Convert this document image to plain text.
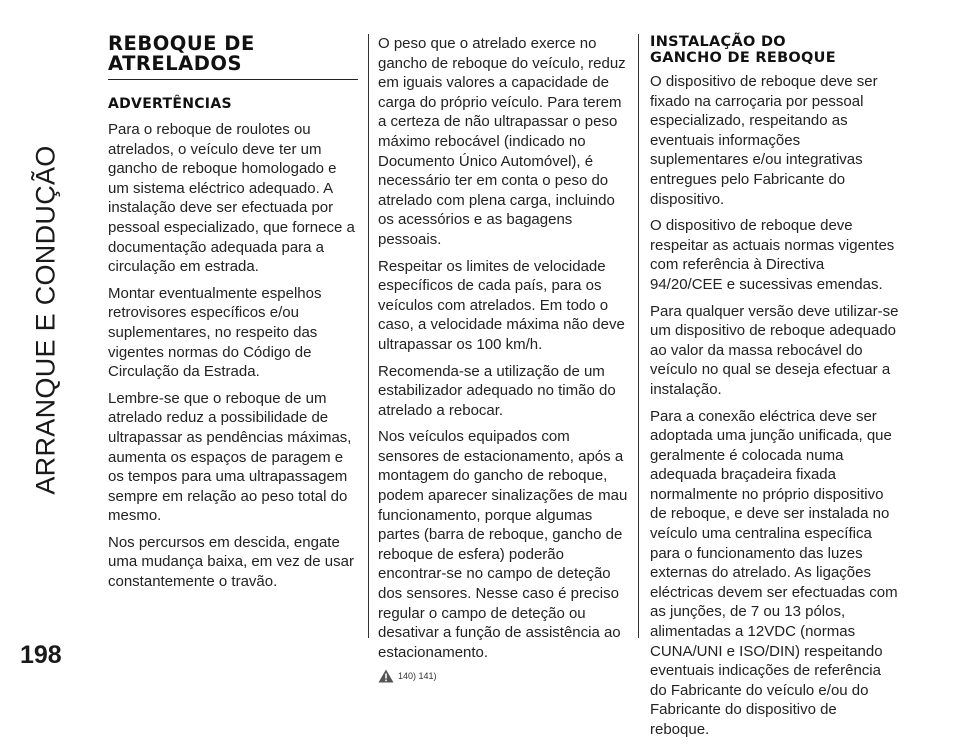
ARRANQUE E CONDUÇÃO
198
REBOQUE DE
ATRELADOS
ADVERTÊNCIAS

Para o reboque de roulotes ou atrelados, o veículo deve ter um gancho de reboque homologado e um sistema eléctrico adequado. A instalação deve ser efectuada por pessoal especializado, que fornece a documentação adequada para a circulação em estrada.

Montar eventualmente espelhos retrovisores específicos e/ou suplementares, no respeito das vigentes normas do Código de Circulação da Estrada.

Lembre-se que o reboque de um atrelado reduz a possibilidade de ultrapassar as pendências máximas, aumenta os espaços de paragem e os tempos para uma ultrapassagem sempre em relação ao peso total do mesmo.

Nos percursos em descida, engate uma mudança baixa, em vez de usar constantemente o travão.

O peso que o atrelado exerce no gancho de reboque do veículo, reduz em iguais valores a capacidade de carga do próprio veículo. Para terem a certeza de não ultrapassar o peso máximo rebocável (indicado no Documento Único Automóvel), é necessário ter em conta o peso do atrelado com plena carga, incluindo os acessórios e as bagagens pessoais.

Respeitar os limites de velocidade específicos de cada país, para os veículos com atrelados. Em todo o caso, a velocidade máxima não deve ultrapassar os 100 km/h.

Recomenda-se a utilização de um estabilizador adequado no timão do atrelado a rebocar.

Nos veículos equipados com sensores de estacionamento, após a montagem do gancho de reboque, podem aparecer sinalizações de mau funcionamento, porque algumas partes (barra de reboque, gancho de reboque de esfera) poderão encontrar-se no campo de deteção dos sensores. Nesse caso é preciso regular o campo de deteção ou desativar a função de assistência ao estacionamento.

140) 141)
INSTALAÇÃO DO
GANCHO DE REBOQUE

O dispositivo de reboque deve ser fixado na carroçaria por pessoal especializado, respeitando as eventuais informações suplementares e/ou integrativas entregues pelo Fabricante do dispositivo.

O dispositivo de reboque deve respeitar as actuais normas vigentes com referência à Directiva 94/20/CEE e sucessivas emendas.

Para qualquer versão deve utilizar-se um dispositivo de reboque adequado ao valor da massa rebocável do veículo no qual se deseja efectuar a instalação.

Para a conexão eléctrica deve ser adoptada uma junção unificada, que geralmente é colocada numa adequada braçadeira fixada normalmente no próprio dispositivo de reboque, e deve ser instalada no veículo uma centralina específica para o funcionamento das luzes externas do atrelado. As ligações eléctricas devem ser efectuadas com as junções, de 7 ou 13 pólos, alimentadas a 12VDC (normas CUNA/UNI e ISO/DIN) respeitando eventuais indicações de referência do Fabricante do veículo e/ou do Fabricante do dispositivo de reboque.
